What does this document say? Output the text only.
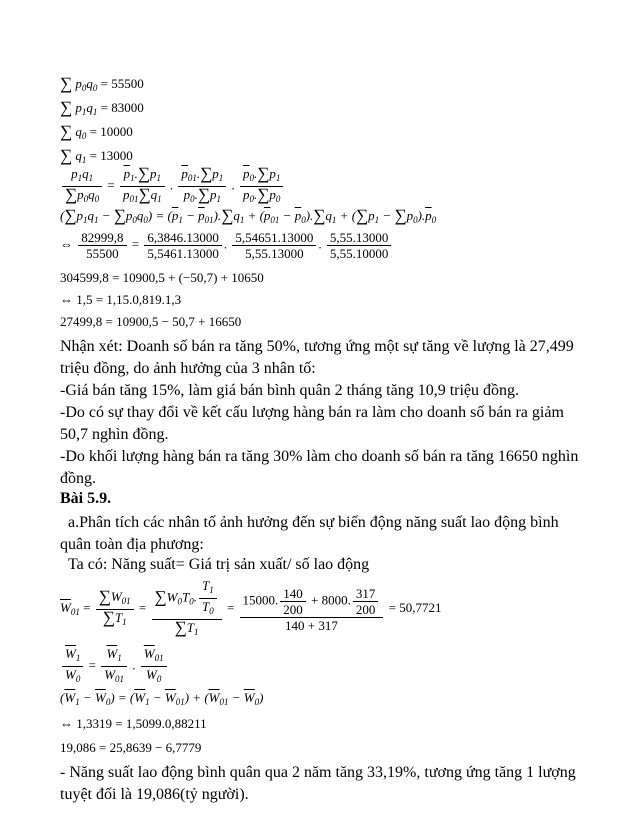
∑ $p_0q_0 = 55500$
∑ $p_1q_1 = 83000$
∑ $q_0 = 10000$
∑ $q_1 = 13000$
$\frac{p_1q_1}{\sum p_0q_0} = \frac{\overline{p}_1.\sum p_1}{\overline{p}_{01}\sum q_1}$ . $\frac{\overline{p}_{01}.\sum p_1}{\overline{p}_0.\sum p_1}$ . $\frac{\overline{p}_0.\sum p_1}{\overline{p}_0.\sum p_0}$
$(\sum p_1q_1 - \sum p_0q_0) = (\overline{p}_1 - \overline{p}_{01}).\sum q_1 + (\overline{p}_{01} - \overline{p}_0).\sum q_1 + (\sum p_1 - \sum p_0).\overline{p}_0$
⇔ $\frac{82999,8}{55500} = \frac{6,3846.13000}{5,5461.13000}$ . $\frac{5,54651.13000}{5,55.13000}$ . $\frac{5,55.13000}{5,55.10000}$
304599,8 = 10900,5 + (−50,7) + 10650
⇔ 1,5 = 1,15.0,819.1,3
27499,8 = 10900,5 − 50,7 + 16650
Nhận xét: Doanh số bán ra tăng 50%, tương ứng một sự tăng về lượng là 27,499 triệu đồng, do ảnh hưởng của 3 nhân tố:
-Giá bán tăng 15%, làm giá bán bình quân 2 tháng tăng 10,9 triệu đồng.
-Do có sự thay đổi về kết cấu lượng hàng bán ra làm cho doanh số bán ra giảm 50,7 nghìn đồng.
-Do khối lượng hàng bán ra tăng 30% làm cho doanh số bán ra tăng 16650 nghìn đồng.
Bài 5.9.
a.Phân tích các nhân tố ảnh hưởng đến sự biến động năng suất lao động bình quân toàn địa phương:
Ta có: Năng suất= Giá trị sản xuất/ số lao động
$\overline{W}_{01} = \frac{\sum W_{01}}{\sum T_1} = \frac{\sum W_0T_0. \frac{T_1}{T_0}}{\sum T_1} = \frac{15000. \frac{140}{200} + 8000. \frac{317}{200}}{140 + 317} = 50,7721$
$\frac{\overline{W}_1}{\overline{W}_0} = \frac{\overline{W}_1}{\overline{W}_{01}}$ . $\frac{\overline{W}_{01}}{\overline{W}_0}$
$(\overline{W}_1 - \overline{W}_0) = (\overline{W}_1 - \overline{W}_{01}) + (\overline{W}_{01} - \overline{W}_0)$
⇔ 1,3319 = 1,5099.0,88211
19,086 = 25,8639 − 6,7779
- Năng suất lao động bình quân qua 2 năm tăng 33,19%, tương ứng tăng 1 lượng tuyệt đối là 19,086(tỷ người).
